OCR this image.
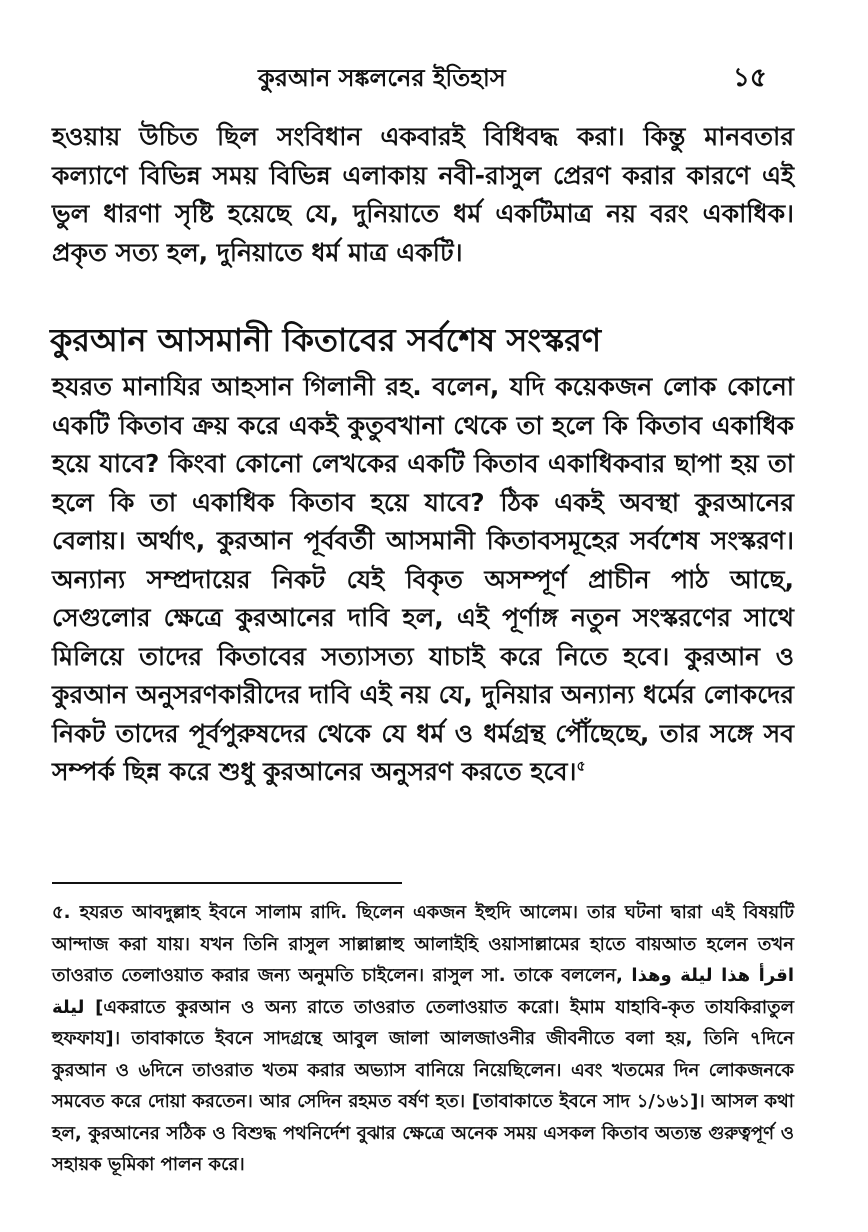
কুরআন সঙ্কলনের ইতিহাস	১৫

হওয়ায় উচিত ছিল সংবিধান একবারই বিধিবদ্ধ করা। কিন্তু মানবতার কল্যাণে বিভিন্ন সময় বিভিন্ন এলাকায় নবী-রাসুল প্রেরণ করার কারণে এই ভুল ধারণা সৃষ্টি হয়েছে যে, দুনিয়াতে ধর্ম একটিমাত্র নয় বরং একাধিক। প্রকৃত সত্য হল, দুনিয়াতে ধর্ম মাত্র একটি।

কুরআন আসমানী কিতাবের সর্বশেষ সংস্করণ

হযরত মানাযির আহসান গিলানী রহ. বলেন, যদি কয়েকজন লোক কোনো একটি কিতাব ক্রয় করে একই কুতুবখানা থেকে তা হলে কি কিতাব একাধিক হয়ে যাবে? কিংবা কোনো লেখকের একটি কিতাব একাধিকবার ছাপা হয় তা হলে কি তা একাধিক কিতাব হয়ে যাবে? ঠিক একই অবস্থা কুরআনের বেলায়। অর্থাৎ, কুরআন পূর্ববর্তী আসমানী কিতাবসমূহের সর্বশেষ সংস্করণ। অন্যান্য সম্প্রদায়ের নিকট যেই বিকৃত অসম্পূর্ণ প্রাচীন পাঠ আছে, সেগুলোর ক্ষেত্রে কুরআনের দাবি হল, এই পূর্ণাঙ্গ নতুন সংস্করণের সাথে মিলিয়ে তাদের কিতাবের সত্যাসত্য যাচাই করে নিতে হবে। কুরআন ও কুরআন অনুসরণকারীদের দাবি এই নয় যে, দুনিয়ার অন্যান্য ধর্মের লোকদের নিকট তাদের পূর্বপুরুষদের থেকে যে ধর্ম ও ধর্মগ্রন্থ পৌঁছেছে, তার সঙ্গে সব সম্পর্ক ছিন্ন করে শুধু কুরআনের অনুসরণ করতে হবে।$^৫$

৫. হযরত আবদুল্লাহ ইবনে সালাম রাদি. ছিলেন একজন ইহুদি আলেম। তার ঘটনা দ্বারা এই বিষয়টি আন্দাজ করা যায়। যখন তিনি রাসুল সাল্লাল্লাহু আলাইহি ওয়াসাল্লামের হাতে বায়আত হলেন তখন তাওরাত তেলাওয়াত করার জন্য অনুমতি চাইলেন। রাসুল সা. তাকে বললেন, اقرأ هذا ليلة وهذا ليلة [একরাতে কুরআন ও অন্য রাতে তাওরাত তেলাওয়াত করো। ইমাম যাহাবি-কৃত তাযকিরাতুল হুফফায]। তাবাকাতে ইবনে সাদগ্রন্থে আবুল জালা আলজাওনীর জীবনীতে বলা হয়, তিনি ৭দিনে কুরআন ও ৬দিনে তাওরাত খতম করার অভ্যাস বানিয়ে নিয়েছিলেন। এবং খতমের দিন লোকজনকে সমবেত করে দোয়া করতেন। আর সেদিন রহমত বর্ষণ হত। [তাবাকাতে ইবনে সাদ ১/১৬১]। আসল কথা হল, কুরআনের সঠিক ও বিশুদ্ধ পথনির্দেশ বুঝার ক্ষেত্রে অনেক সময় এসকল কিতাব অত্যন্ত গুরুত্বপূর্ণ ও সহায়ক ভূমিকা পালন করে।
